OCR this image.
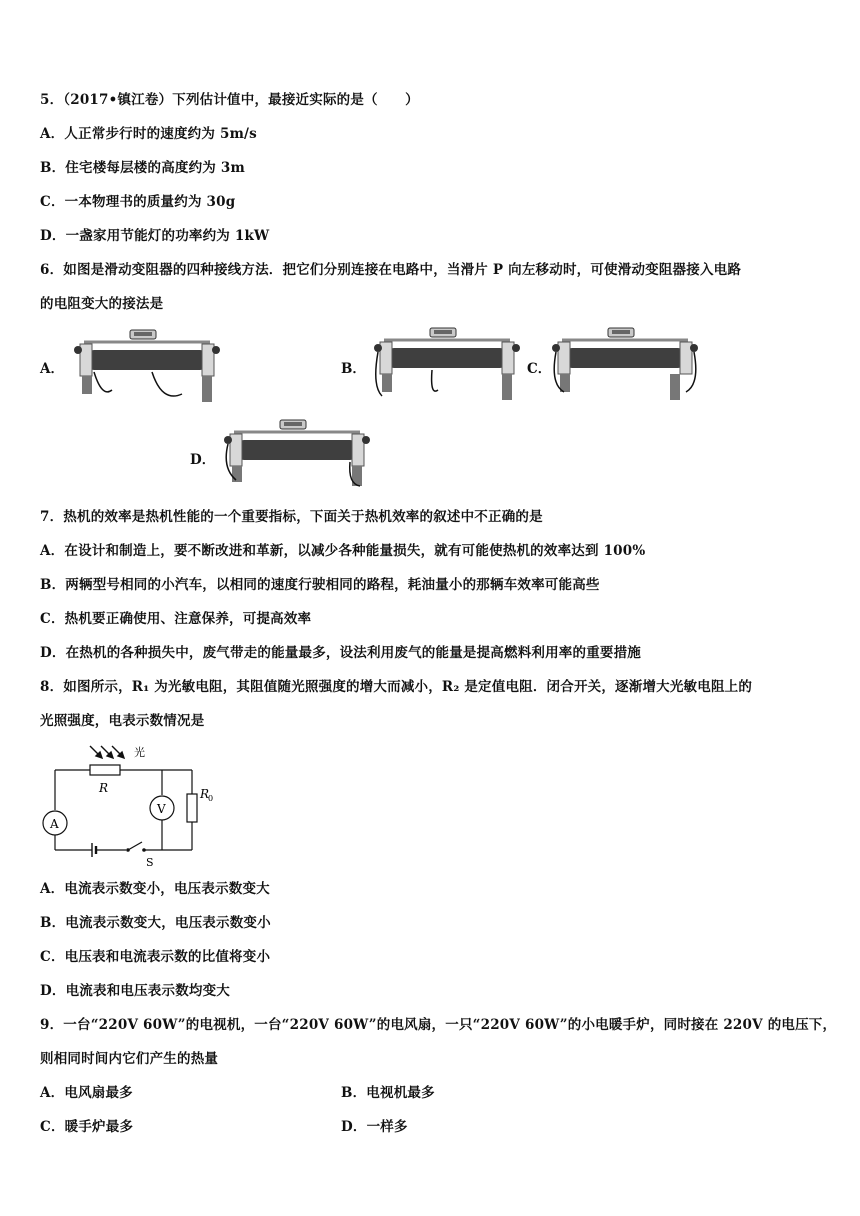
5．（2017•镇江卷）下列估计值中，最接近实际的是（　　）
A．人正常步行时的速度约为 5m/s
B．住宅楼每层楼的高度约为 3m
C．一本物理书的质量约为 30g
D．一盏家用节能灯的功率约为 1kW
6．如图是滑动变阻器的四种接线方法．把它们分别连接在电路中，当滑片 P 向左移动时，可使滑动变阻器接入电路
的电阻变大的接法是
A．	B．	C．
D．
7．热机的效率是热机性能的一个重要指标，下面关于热机效率的叙述中不正确的是
A．在设计和制造上，要不断改进和革新，以减少各种能量损失，就有可能使热机的效率达到 100%
B．两辆型号相同的小汽车，以相同的速度行驶相同的路程，耗油量小的那辆车效率可能高些
C．热机要正确使用、注意保养，可提高效率
D．在热机的各种损失中，废气带走的能量最多，设法利用废气的能量是提高燃料利用率的重要措施
8．如图所示，R₁ 为光敏电阻，其阻值随光照强度的增大而减小，R₂ 是定值电阻．闭合开关，逐渐增大光敏电阻上的
光照强度，电表示数情况是
光
R
A
S
V
R
0
A．电流表示数变小，电压表示数变大
B．电流表示数变大，电压表示数变小
C．电压表和电流表示数的比值将变小
D．电流表和电压表示数均变大
9．一台“220V 60W”的电视机，一台“220V 60W”的电风扇，一只“220V 60W”的小电暖手炉，同时接在 220V 的电压下，
则相同时间内它们产生的热量
A．电风扇最多	B．电视机最多
C．暖手炉最多	D．一样多
